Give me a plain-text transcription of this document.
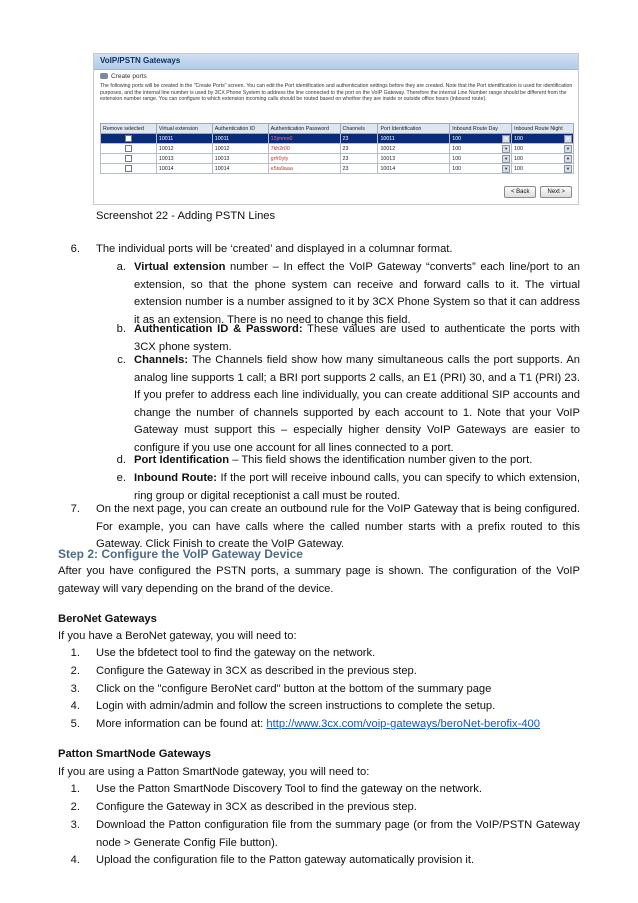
VoIP/PSTN Gateways
Create ports
The following ports will be created in the "Create Ports" screen. You can edit the Port identification and authentication settings before they are created. Note that the Port identification is used for identification purposes, and the internal line number is used by 3CX Phone System to address the line connected to the port on the VoIP Gateway. Therefore the internal Line Number range should be different from the extension number range. You can configure to which extension incoming calls should be routed based on whether they are inside or outside office hours (inbound route).
Remove selected	Virtual extension	Authentication ID	Authentication Password	Channels	Port Identification	Inbound Route Day	Inbound Route Night
	10011	10011	13jmmo0	23	10011	100 ▼	100 ▼

	10012	10012	7kh2r00	23	10012	100 ▼	100 ▼

	10013	10013	grfr0yty	23	10013	100 ▼	100 ▼

	10014	10014	e5ta9aaa	23	10014	100 ▼	100 ▼
< Back	Next >
Screenshot 22 - Adding PSTN Lines
6. The individual ports will be ‘created’ and displayed in a columnar format.
a. Virtual extension number – In effect the VoIP Gateway “converts” each line/port to an extension, so that the phone system can receive and forward calls to it. The virtual extension number is a number assigned to it by 3CX Phone System so that it can address it as an extension. There is no need to change this field.
b. Authentication ID & Password: These values are used to authenticate the ports with 3CX phone system.
c. Channels: The Channels field show how many simultaneous calls the port supports. An analog line supports 1 call; a BRI port supports 2 calls, an E1 (PRI) 30, and a T1 (PRI) 23. If you prefer to address each line individually, you can create additional SIP accounts and change the number of channels supported by each account to 1. Note that your VoIP Gateway must support this – especially higher density VoIP Gateways are easier to configure if you use one account for all lines connected to a port.
d. Port Identification – This field shows the identification number given to the port.
e. Inbound Route: If the port will receive inbound calls, you can specify to which extension, ring group or digital receptionist a call must be routed.
7. On the next page, you can create an outbound rule for the VoIP Gateway that is being configured. For example, you can have calls where the called number starts with a prefix routed to this Gateway. Click Finish to create the VoIP Gateway.
Step 2: Configure the VoIP Gateway Device
After you have configured the PSTN ports, a summary page is shown. The configuration of the VoIP gateway will vary depending on the brand of the device.
BeroNet Gateways
If you have a BeroNet gateway, you will need to:
1. Use the bfdetect tool to find the gateway on the network.
2. Configure the Gateway in 3CX as described in the previous step.
3. Click on the "configure BeroNet card" button at the bottom of the summary page
4. Login with admin/admin and follow the screen instructions to complete the setup.
5. More information can be found at: http://www.3cx.com/voip-gateways/beroNet-berofix-400
Patton SmartNode Gateways
If you are using a Patton SmartNode gateway, you will need to:
1. Use the Patton SmartNode Discovery Tool to find the gateway on the network.
2. Configure the Gateway in 3CX as described in the previous step.
3. Download the Patton configuration file from the summary page (or from the VoIP/PSTN Gateway node > Generate Config File button).
4. Upload the configuration file to the Patton gateway automatically provision it.
